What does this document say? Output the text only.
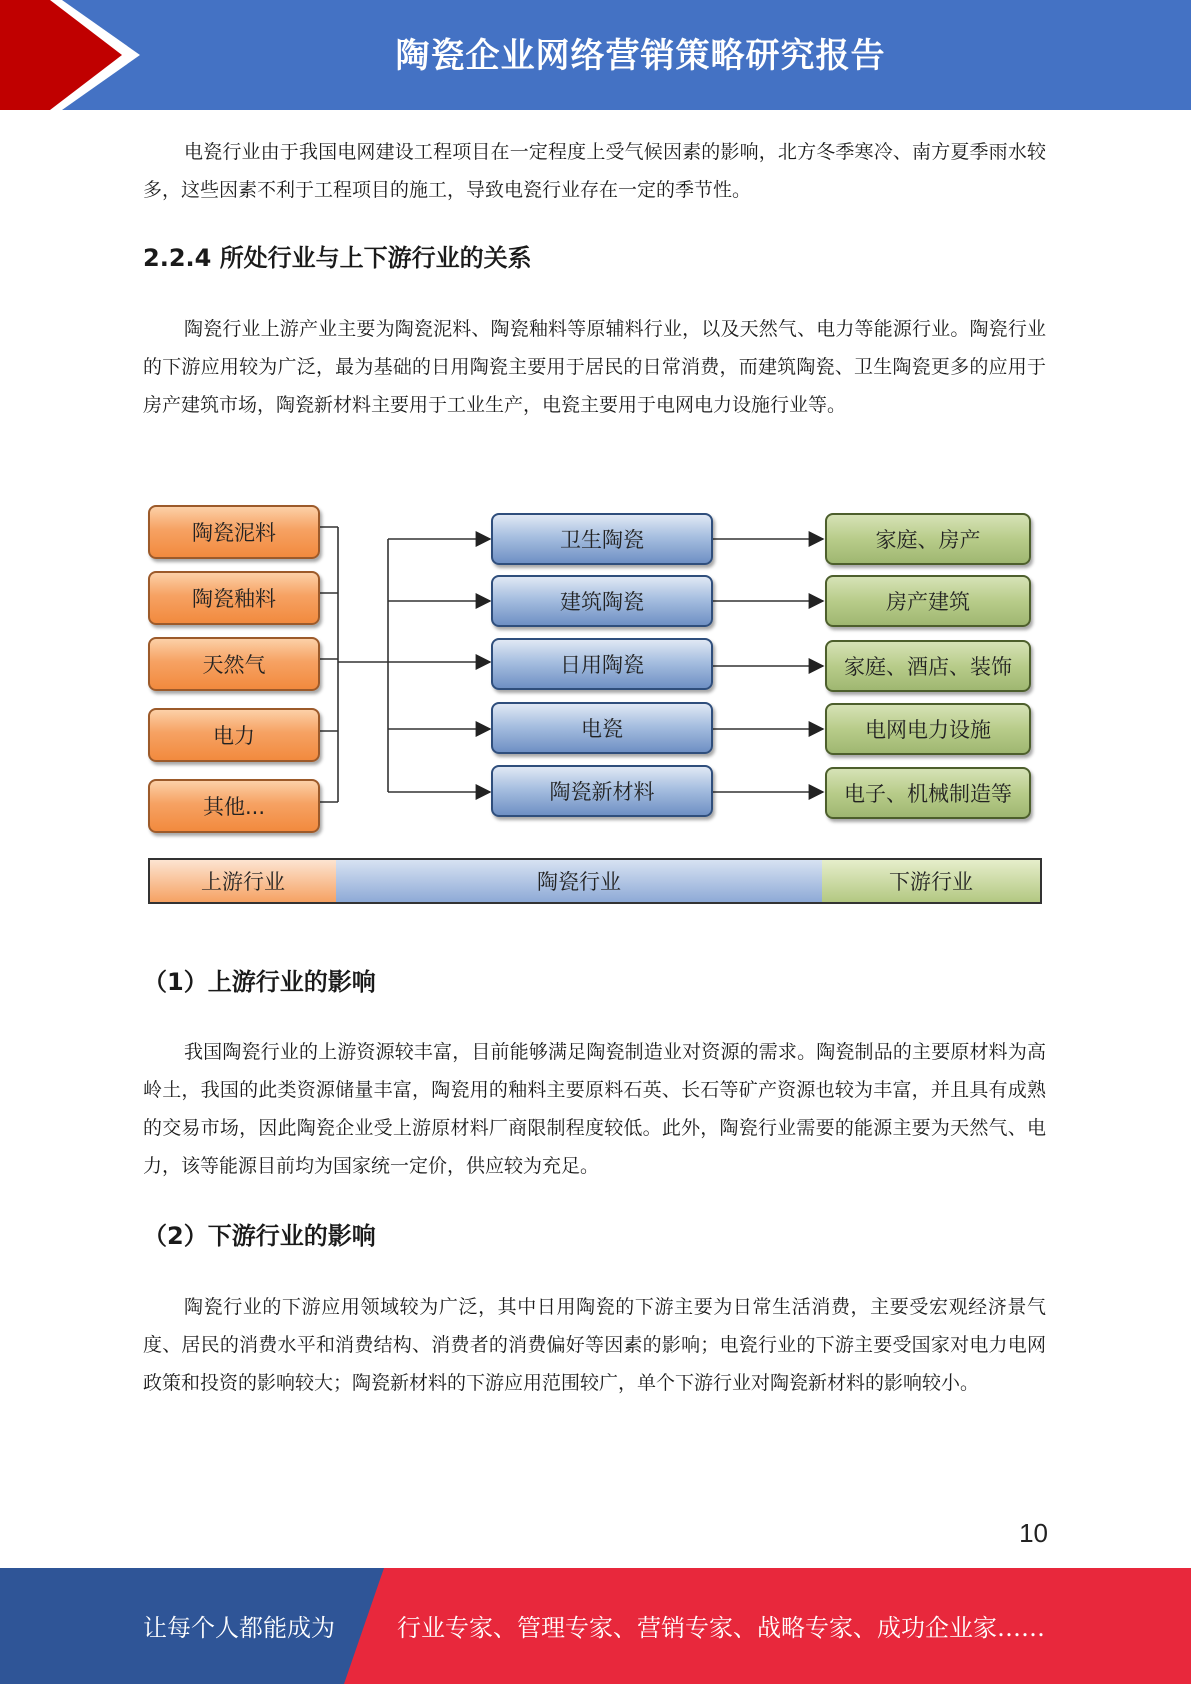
陶瓷企业网络营销策略研究报告

电瓷行业由于我国电网建设工程项目在一定程度上受气候因素的影响，北方冬季寒冷、南方夏季雨水较多，这些因素不利于工程项目的施工，导致电瓷行业存在一定的季节性。

2.2.4 所处行业与上下游行业的关系

陶瓷行业上游产业主要为陶瓷泥料、陶瓷釉料等原辅料行业，以及天然气、电力等能源行业。陶瓷行业的下游应用较为广泛，最为基础的日用陶瓷主要用于居民的日常消费，而建筑陶瓷、卫生陶瓷更多的应用于房产建筑市场，陶瓷新材料主要用于工业生产，电瓷主要用于电网电力设施行业等。

陶瓷泥料
陶瓷釉料
天然气
电力
其他...
卫生陶瓷
建筑陶瓷
日用陶瓷
电瓷
陶瓷新材料
家庭、房产
房产建筑
家庭、酒店、装饰
电网电力设施
电子、机械制造等
上游行业	陶瓷行业	下游行业
（1）上游行业的影响

我国陶瓷行业的上游资源较丰富，目前能够满足陶瓷制造业对资源的需求。陶瓷制品的主要原材料为高岭土，我国的此类资源储量丰富，陶瓷用的釉料主要原料石英、长石等矿产资源也较为丰富，并且具有成熟的交易市场，因此陶瓷企业受上游原材料厂商限制程度较低。此外，陶瓷行业需要的能源主要为天然气、电力，该等能源目前均为国家统一定价，供应较为充足。

（2）下游行业的影响

陶瓷行业的下游应用领域较为广泛，其中日用陶瓷的下游主要为日常生活消费，主要受宏观经济景气度、居民的消费水平和消费结构、消费者的消费偏好等因素的影响；电瓷行业的下游主要受国家对电力电网政策和投资的影响较大；陶瓷新材料的下游应用范围较广，单个下游行业对陶瓷新材料的影响较小。

10
让每个人都能成为	行业专家、管理专家、营销专家、战略专家、成功企业家……
